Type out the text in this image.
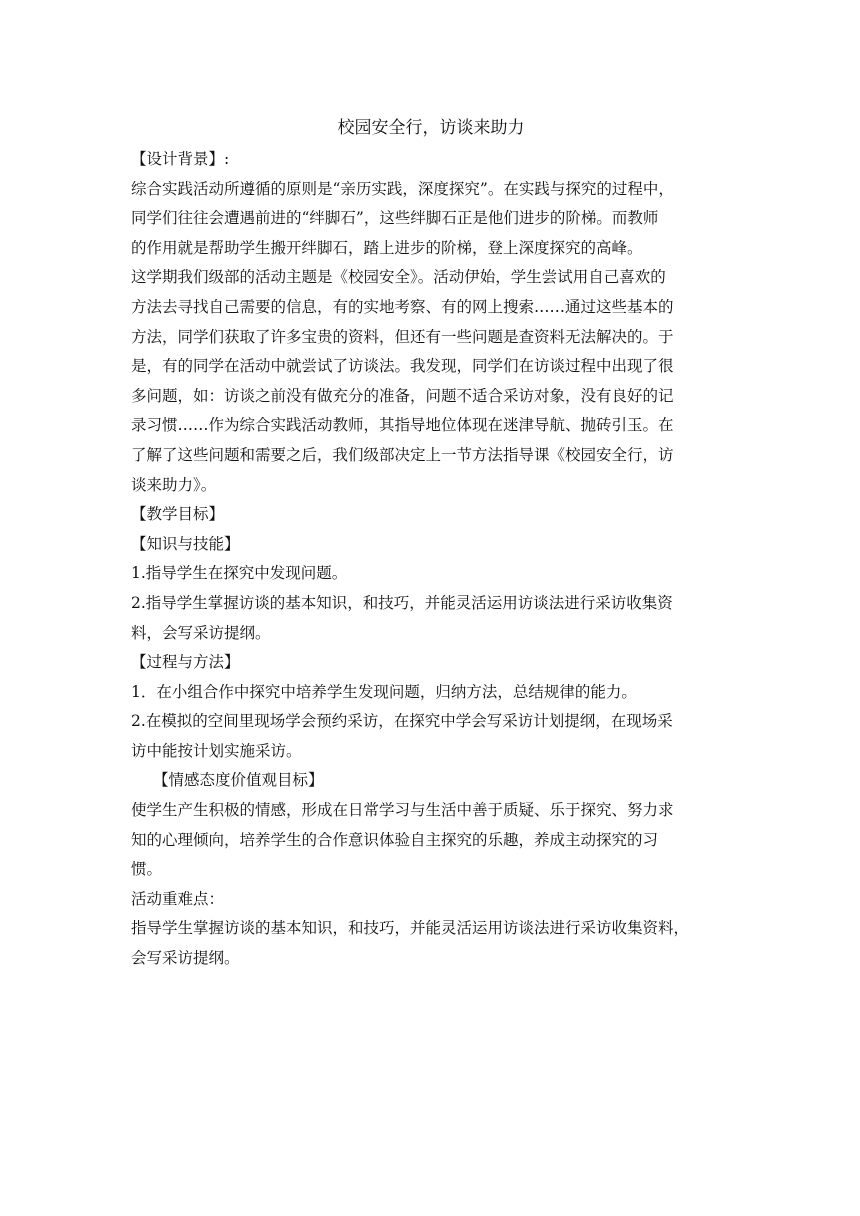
校园安全行，访谈来助力

【设计背景】:

综合实践活动所遵循的原则是“亲历实践，深度探究”。在实践与探究的过程中，

同学们往往会遭遇前进的“绊脚石”，这些绊脚石正是他们进步的阶梯。而教师

的作用就是帮助学生搬开绊脚石，踏上进步的阶梯，登上深度探究的高峰。

这学期我们级部的活动主题是《校园安全》。活动伊始，学生尝试用自己喜欢的

方法去寻找自己需要的信息，有的实地考察、有的网上搜索……通过这些基本的

方法，同学们获取了许多宝贵的资料，但还有一些问题是查资料无法解决的。于

是，有的同学在活动中就尝试了访谈法。我发现，同学们在访谈过程中出现了很

多问题，如：访谈之前没有做充分的准备，问题不适合采访对象，没有良好的记

录习惯……作为综合实践活动教师，其指导地位体现在迷津导航、抛砖引玉。在

了解了这些问题和需要之后，我们级部决定上一节方法指导课《校园安全行，访

谈来助力》。

【教学目标】

【知识与技能】

1.指导学生在探究中发现问题。

2.指导学生掌握访谈的基本知识，和技巧，并能灵活运用访谈法进行采访收集资

料，会写采访提纲。

【过程与方法】

1．在小组合作中探究中培养学生发现问题，归纳方法，总结规律的能力。

2.在模拟的空间里现场学会预约采访，在探究中学会写采访计划提纲，在现场采

访中能按计划实施采访。

【情感态度价值观目标】

使学生产生积极的情感，形成在日常学习与生活中善于质疑、乐于探究、努力求

知的心理倾向，培养学生的合作意识体验自主探究的乐趣，养成主动探究的习

惯。

活动重难点：

指导学生掌握访谈的基本知识，和技巧，并能灵活运用访谈法进行采访收集资料，

会写采访提纲。
